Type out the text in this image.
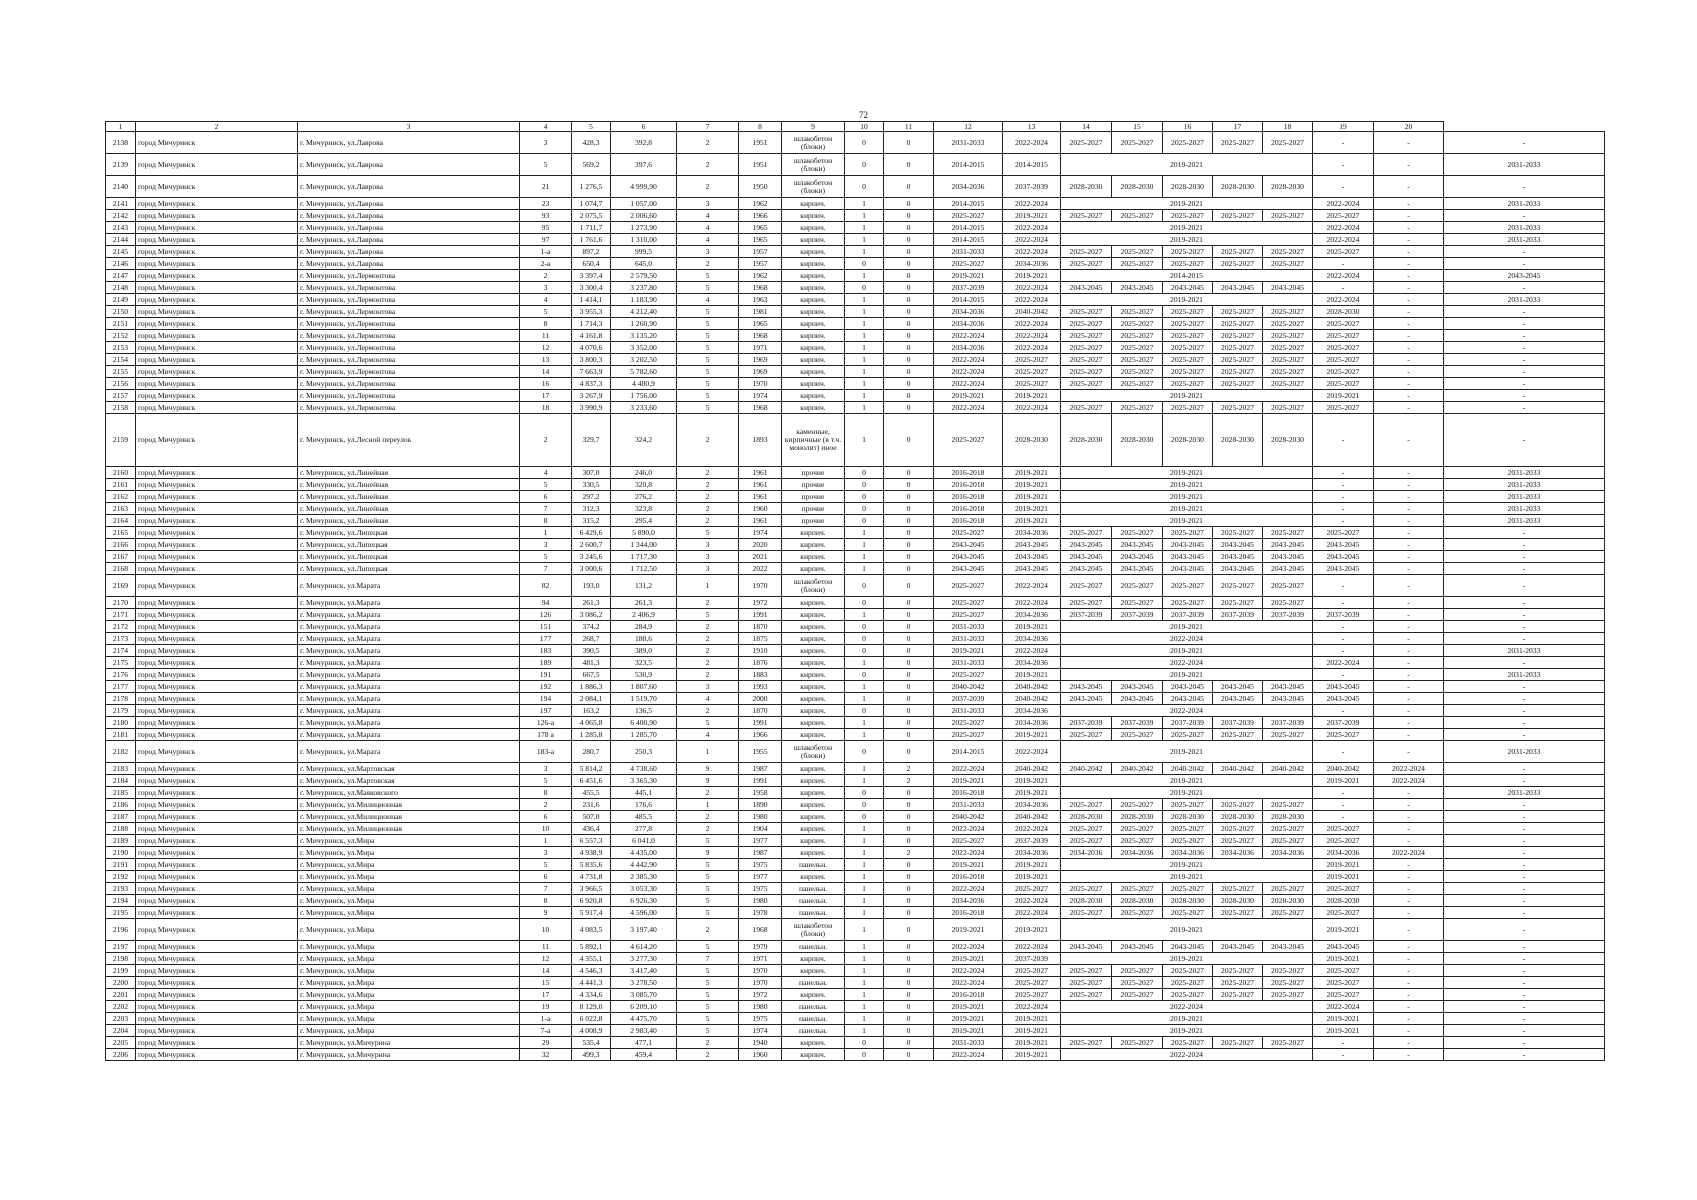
72
1	2	3	4	5	6	7	8	9	10	11	12	13	14	15	16	17	18	19	20	
2138	город Мичуринск	г. Мичуринск, ул.Лаврова	3	428,3	392,8	2	1951	шлакобетон (блоки)	0	0	2031-2033	2022-2024	2025-2027	2025-2027	2025-2027	2025-2027	2025-2027	-	-	-
2139	город Мичуринск	г. Мичуринск, ул.Лаврова	5	569,2	397,6	2	1951	шлакобетон (блоки)	0	0	2014-2015	2014-2015	2019-2021					-	-	2031-2033
2140	город Мичуринск	г. Мичуринск, ул.Лаврова	21	1 276,5	4 999,90	2	1950	шлакобетон (блоки)	0	0	2034-2036	2037-2039	2028-2030	2028-2030	2028-2030	2028-2030	2028-2030	-	-	-
2141	город Мичуринск	г. Мичуринск, ул.Лаврова	23	1 074,7	1 057,00	3	1962	кирпич.	1	0	2014-2015	2022-2024	2019-2021					2022-2024	-	2031-2033
2142	город Мичуринск	г. Мичуринск, ул.Лаврова	93	2 075,5	2 006,60	4	1966	кирпич.	1	0	2025-2027	2019-2021	2025-2027	2025-2027	2025-2027	2025-2027	2025-2027	2025-2027	-	-
2143	город Мичуринск	г. Мичуринск, ул.Лаврова	95	1 711,7	1 273,90	4	1965	кирпич.	1	0	2014-2015	2022-2024	2019-2021					2022-2024	-	2031-2033
2144	город Мичуринск	г. Мичуринск, ул.Лаврова	97	1 761,6	1 310,00	4	1965	кирпич.	1	0	2014-2015	2022-2024	2019-2021					2022-2024	-	2031-2033
2145	город Мичуринск	г. Мичуринск, ул.Лаврова	1-а	897,2	999,5	3	1957	кирпич.	1	0	2031-2033	2022-2024	2025-2027	2025-2027	2025-2027	2025-2027	2025-2027	2025-2027	-	-
2146	город Мичуринск	г. Мичуринск, ул.Лаврова	2-а	650,4	645,0	2	1957	кирпич.	0	0	2025-2027	2034-2036	2025-2027	2025-2027	2025-2027	2025-2027	2025-2027	-	-	-
2147	город Мичуринск	г. Мичуринск, ул.Лермонтова	2	3 397,4	2 579,50	5	1962	кирпич.	1	0	2019-2021	2019-2021	2014-2015					2022-2024	-	2043-2045
2148	город Мичуринск	г. Мичуринск, ул.Лермонтова	3	3 300,4	3 237,80	5	1968	кирпич.	0	0	2037-2039	2022-2024	2043-2045	2043-2045	2043-2045	2043-2045	2043-2045	-	-	-
2149	город Мичуринск	г. Мичуринск, ул.Лермонтова	4	1 414,1	1 183,90	4	1963	кирпич.	1	0	2014-2015	2022-2024	2019-2021					2022-2024	-	2031-2033
2150	город Мичуринск	г. Мичуринск, ул.Лермонтова	5	3 955,3	4 212,40	5	1981	кирпич.	1	0	2034-2036	2040-2042	2025-2027	2025-2027	2025-2027	2025-2027	2025-2027	2028-2030	-	-
2151	город Мичуринск	г. Мичуринск, ул.Лермонтова	8	1 714,3	1 260,90	5	1965	кирпич.	1	0	2034-2036	2022-2024	2025-2027	2025-2027	2025-2027	2025-2027	2025-2027	2025-2027	-	-
2152	город Мичуринск	г. Мичуринск, ул.Лермонтова	11	4 161,8	3 135,20	5	1968	кирпич.	1	0	2022-2024	2022-2024	2025-2027	2025-2027	2025-2027	2025-2027	2025-2027	2025-2027	-	-
2153	город Мичуринск	г. Мичуринск, ул.Лермонтова	12	4 070,6	3 352,00	5	1971	кирпич.	1	0	2034-2036	2022-2024	2025-2027	2025-2027	2025-2027	2025-2027	2025-2027	2025-2027	-	-
2154	город Мичуринск	г. Мичуринск, ул.Лермонтова	13	3 800,3	3 202,50	5	1969	кирпич.	1	0	2022-2024	2025-2027	2025-2027	2025-2027	2025-2027	2025-2027	2025-2027	2025-2027	-	-
2155	город Мичуринск	г. Мичуринск, ул.Лермонтова	14	7 663,9	5 782,60	5	1969	кирпич.	1	0	2022-2024	2025-2027	2025-2027	2025-2027	2025-2027	2025-2027	2025-2027	2025-2027	-	-
2156	город Мичуринск	г. Мичуринск, ул.Лермонтова	16	4 837,3	4 480,9	5	1970	кирпич.	1	0	2022-2024	2025-2027	2025-2027	2025-2027	2025-2027	2025-2027	2025-2027	2025-2027	-	-
2157	город Мичуринск	г. Мичуринск, ул.Лермонтова	17	3 267,9	1 756,00	5	1974	кирпич.	1	0	2019-2021	2019-2021	2019-2021					2019-2021	-	-
2158	город Мичуринск	г. Мичуринск, ул.Лермонтова	18	3 990,9	3 233,60	5	1968	кирпич.	1	0	2022-2024	2022-2024	2025-2027	2025-2027	2025-2027	2025-2027	2025-2027	2025-2027	-	-
2159	город Мичуринск	г. Мичуринск, ул.Лесной переулок	2	329,7	324,2	2	1893	каменные, кирпичные (в т.ч. монолит) иное	1	0	2025-2027	2028-2030	2028-2030	2028-2030	2028-2030	2028-2030	2028-2030	-	-	-
2160	город Мичуринск	г. Мичуринск, ул.Линейная	4	307,0	246,0	2	1961	прочие	0	0	2016-2018	2019-2021	2019-2021					-	-	2031-2033
2161	город Мичуринск	г. Мичуринск, ул.Линейная	5	330,5	320,8	2	1961	прочие	0	0	2016-2018	2019-2021	2019-2021					-	-	2031-2033
2162	город Мичуринск	г. Мичуринск, ул.Линейная	6	297,2	276,2	2	1961	прочие	0	0	2016-2018	2019-2021	2019-2021					-	-	2031-2033
2163	город Мичуринск	г. Мичуринск, ул.Линейная	7	312,3	323,8	2	1960	прочие	0	0	2016-2018	2019-2021	2019-2021					-	-	2031-2033
2164	город Мичуринск	г. Мичуринск, ул.Линейная	8	315,2	295,4	2	1961	прочие	0	0	2016-2018	2019-2021	2019-2021					-	-	2031-2033
2165	город Мичуринск	г. Мичуринск, ул.Липецкая	1	6 429,6	5 890,0	5	1974	кирпич.	1	0	2025-2027	2034-2036	2025-2027	2025-2027	2025-2027	2025-2027	2025-2027	2025-2027	-	-
2166	город Мичуринск	г. Мичуринск, ул.Липецкая	3	2 600,7	1 344,00	3	2020	кирпич.	1	0	2043-2045	2043-2045	2043-2045	2043-2045	2043-2045	2043-2045	2043-2045	2043-2045	-	-
2167	город Мичуринск	г. Мичуринск, ул.Липецкая	5	3 245,6	1 717,30	3	2021	кирпич.	1	0	2043-2045	2043-2045	2043-2045	2043-2045	2043-2045	2043-2045	2043-2045	2043-2045	-	-
2168	город Мичуринск	г. Мичуринск, ул.Липецкая	7	3 000,6	1 712,50	3	2022	кирпич.	1	0	2043-2045	2043-2045	2043-2045	2043-2045	2043-2045	2043-2045	2043-2045	2043-2045	-	-
2169	город Мичуринск	г. Мичуринск, ул.Марата	82	193,0	131,2	1	1970	шлакобетон (блоки)	0	0	2025-2027	2022-2024	2025-2027	2025-2027	2025-2027	2025-2027	2025-2027	-	-	-
2170	город Мичуринск	г. Мичуринск, ул.Марата	94	261,3	261,3	2	1972	кирпич.	0	0	2025-2027	2022-2024	2025-2027	2025-2027	2025-2027	2025-2027	2025-2027	-	-	-
2171	город Мичуринск	г. Мичуринск, ул.Марата	126	3 086,2	2 406,9	5	1991	кирпич.	1	0	2025-2027	2034-2036	2037-2039	2037-2039	2037-2039	2037-2039	2037-2039	2037-2039	-	-
2172	город Мичуринск	г. Мичуринск, ул.Марата	151	374,2	284,9	2	1870	кирпич.	0	0	2031-2033	2019-2021	2019-2021					-	-	-
2173	город Мичуринск	г. Мичуринск, ул.Марата	177	268,7	188,6	2	1875	кирпич.	0	0	2031-2033	2034-2036	2022-2024					-	-	-
2174	город Мичуринск	г. Мичуринск, ул.Марата	183	390,5	389,0	2	1910	кирпич.	0	0	2019-2021	2022-2024	2019-2021					-	-	2031-2033
2175	город Мичуринск	г. Мичуринск, ул.Марата	189	481,3	323,5	2	1876	кирпич.	1	0	2031-2033	2034-2036	2022-2024					2022-2024	-	-
2176	город Мичуринск	г. Мичуринск, ул.Марата	191	667,5	530,9	2	1883	кирпич.	0	0	2025-2027	2019-2021	2019-2021					-	-	2031-2033
2177	город Мичуринск	г. Мичуринск, ул.Марата	192	1 886,3	1 807,60	3	1993	кирпич.	1	0	2040-2042	2040-2042	2043-2045	2043-2045	2043-2045	2043-2045	2043-2045	2043-2045	-	-
2178	город Мичуринск	г. Мичуринск, ул.Марата	194	2 084,1	1 519,70	4	2000	кирпич.	1	0	2037-2039	2040-2042	2043-2045	2043-2045	2043-2045	2043-2045	2043-2045	2043-2045	-	-
2179	город Мичуринск	г. Мичуринск, ул.Марата	197	163,2	136,5	2	1870	кирпич.	0	0	2031-2033	2034-2036	2022-2024					-	-	-
2180	город Мичуринск	г. Мичуринск, ул.Марата	126-а	4 065,8	6 400,90	5	1991	кирпич.	1	0	2025-2027	2034-2036	2037-2039	2037-2039	2037-2039	2037-2039	2037-2039	2037-2039	-	-
2181	город Мичуринск	г. Мичуринск, ул.Марата	178 а	1 285,8	1 285,70	4	1966	кирпич.	1	0	2025-2027	2019-2021	2025-2027	2025-2027	2025-2027	2025-2027	2025-2027	2025-2027	-	-
2182	город Мичуринск	г. Мичуринск, ул.Марата	183-а	280,7	250,3	1	1955	шлакобетон (блоки)	0	0	2014-2015	2022-2024	2019-2021					-	-	2031-2033
2183	город Мичуринск	г. Мичуринск, ул.Мартовская	3	5 814,2	4 738,60	9	1987	кирпич.	1	2	2022-2024	2040-2042	2040-2042	2040-2042	2040-2042	2040-2042	2040-2042	2040-2042	2022-2024	-
2184	город Мичуринск	г. Мичуринск, ул.Мартовская	5	6 451,6	3 365,30	9	1991	кирпич.	1	2	2019-2021	2019-2021	2019-2021					2019-2021	2022-2024	-
2185	город Мичуринск	г. Мичуринск, ул.Маяковского	8	455,5	445,1	2	1958	кирпич.	0	0	2016-2018	2019-2021	2019-2021					-	-	2031-2033
2186	город Мичуринск	г. Мичуринск, ул.Милиционная	2	231,6	176,6	1	1890	кирпич.	0	0	2031-2033	2034-2036	2025-2027	2025-2027	2025-2027	2025-2027	2025-2027	-	-	-
2187	город Мичуринск	г. Мичуринск, ул.Милиционная	6	507,0	485,5	2	1980	кирпич.	0	0	2040-2042	2040-2042	2028-2030	2028-2030	2028-2030	2028-2030	2028-2030	-	-	-
2188	город Мичуринск	г. Мичуринск, ул.Милиционная	10	436,4	277,8	2	1904	кирпич.	1	0	2022-2024	2022-2024	2025-2027	2025-2027	2025-2027	2025-2027	2025-2027	2025-2027	-	-
2189	город Мичуринск	г. Мичуринск, ул.Мира	1	6 557,3	6 041,0	5	1977	кирпич.	1	0	2025-2027	2037-2039	2025-2027	2025-2027	2025-2027	2025-2027	2025-2027	2025-2027	-	-
2190	город Мичуринск	г. Мичуринск, ул.Мира	3	4 938,9	4 435,00	9	1987	кирпич.	1	2	2022-2024	2034-2036	2034-2036	2034-2036	2034-2036	2034-2036	2034-2036	2034-2036	2022-2024	-
2191	город Мичуринск	г. Мичуринск, ул.Мира	5	5 835,6	4 442,90	5	1975	панельн.	1	0	2019-2021	2019-2021	2019-2021					2019-2021	-	-
2192	город Мичуринск	г. Мичуринск, ул.Мира	6	4 731,8	2 385,30	5	1977	кирпич.	1	0	2016-2018	2019-2021	2019-2021					2019-2021	-	-
2193	город Мичуринск	г. Мичуринск, ул.Мира	7	3 966,5	3 053,30	5	1975	панельн.	1	0	2022-2024	2025-2027	2025-2027	2025-2027	2025-2027	2025-2027	2025-2027	2025-2027	-	-
2194	город Мичуринск	г. Мичуринск, ул.Мира	8	6 920,8	6 926,30	5	1980	панельн.	1	0	2034-2036	2022-2024	2028-2030	2028-2030	2028-2030	2028-2030	2028-2030	2028-2030	-	-
2195	город Мичуринск	г. Мичуринск, ул.Мира	9	5 917,4	4 596,00	5	1978	панельн.	1	0	2016-2018	2022-2024	2025-2027	2025-2027	2025-2027	2025-2027	2025-2027	2025-2027	-	-
2196	город Мичуринск	г. Мичуринск, ул.Мира	10	4 083,5	3 197,40	2	1968	шлакобетон (блоки)	1	0	2019-2021	2019-2021	2019-2021					2019-2021	-	-
2197	город Мичуринск	г. Мичуринск, ул.Мира	11	5 892,1	4 614,20	5	1979	панельн.	1	0	2022-2024	2022-2024	2043-2045	2043-2045	2043-2045	2043-2045	2043-2045	2043-2045	-	-
2198	город Мичуринск	г. Мичуринск, ул.Мира	12	4 355,1	3 277,30	7	1971	кирпич.	1	0	2019-2021	2037-2039	2019-2021					2019-2021	-	-
2199	город Мичуринск	г. Мичуринск, ул.Мира	14	4 546,3	3 417,40	5	1970	кирпич.	1	0	2022-2024	2025-2027	2025-2027	2025-2027	2025-2027	2025-2027	2025-2027	2025-2027	-	-
2200	город Мичуринск	г. Мичуринск, ул.Мира	15	4 441,3	3 278,50	5	1970	панельн.	1	0	2022-2024	2025-2027	2025-2027	2025-2027	2025-2027	2025-2027	2025-2027	2025-2027	-	-
2201	город Мичуринск	г. Мичуринск, ул.Мира	17	4 334,6	3 085,70	5	1972	кирпич.	1	0	2016-2018	2025-2027	2025-2027	2025-2027	2025-2027	2025-2027	2025-2027	2025-2027	-	-
2202	город Мичуринск	г. Мичуринск, ул.Мира	19	8 129,0	6 209,10	5	1980	панельн.	1	0	2019-2021	2022-2024	2022-2024					2022-2024	-	-
2203	город Мичуринск	г. Мичуринск, ул.Мира	1-а	6 022,8	4 475,70	5	1975	панельн.	1	0	2019-2021	2019-2021	2019-2021					2019-2021	-	-
2204	город Мичуринск	г. Мичуринск, ул.Мира	7-а	4 008,9	2 983,40	5	1974	панельн.	1	0	2019-2021	2019-2021	2019-2021					2019-2021	-	-
2205	город Мичуринск	г. Мичуринск, ул.Мичурина	29	535,4	477,1	2	1940	кирпич.	0	0	2031-2033	2019-2021	2025-2027	2025-2027	2025-2027	2025-2027	2025-2027	-	-	-
2206	город Мичуринск	г. Мичуринск, ул.Мичурина	32	499,3	459,4	2	1960	кирпич.	0	0	2022-2024	2019-2021	2022-2024					-	-	-
